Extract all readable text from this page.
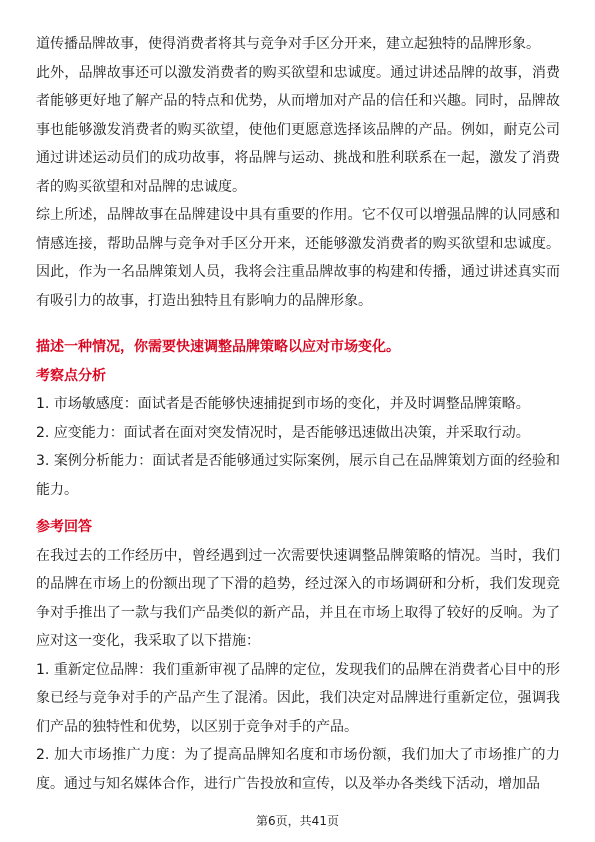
道传播品牌故事，使得消费者将其与竞争对手区分开来，建立起独特的品牌形象。

此外，品牌故事还可以激发消费者的购买欲望和忠诚度。通过讲述品牌的故事，消费者能够更好地了解产品的特点和优势，从而增加对产品的信任和兴趣。同时，品牌故事也能够激发消费者的购买欲望，使他们更愿意选择该品牌的产品。例如，耐克公司通过讲述运动员们的成功故事，将品牌与运动、挑战和胜利联系在一起，激发了消费者的购买欲望和对品牌的忠诚度。

综上所述，品牌故事在品牌建设中具有重要的作用。它不仅可以增强品牌的认同感和情感连接，帮助品牌与竞争对手区分开来，还能够激发消费者的购买欲望和忠诚度。因此，作为一名品牌策划人员，我将会注重品牌故事的构建和传播，通过讲述真实而有吸引力的故事，打造出独特且有影响力的品牌形象。

描述一种情况，你需要快速调整品牌策略以应对市场变化。

考察点分析

1. 市场敏感度：面试者是否能够快速捕捉到市场的变化，并及时调整品牌策略。

2. 应变能力：面试者在面对突发情况时，是否能够迅速做出决策，并采取行动。

3. 案例分析能力：面试者是否能够通过实际案例，展示自己在品牌策划方面的经验和能力。

参考回答

在我过去的工作经历中，曾经遇到过一次需要快速调整品牌策略的情况。当时，我们的品牌在市场上的份额出现了下滑的趋势，经过深入的市场调研和分析，我们发现竞争对手推出了一款与我们产品类似的新产品，并且在市场上取得了较好的反响。为了应对这一变化，我采取了以下措施：

1. 重新定位品牌：我们重新审视了品牌的定位，发现我们的品牌在消费者心目中的形象已经与竞争对手的产品产生了混淆。因此，我们决定对品牌进行重新定位，强调我们产品的独特性和优势，以区别于竞争对手的产品。

2. 加大市场推广力度：为了提高品牌知名度和市场份额，我们加大了市场推广的力度。通过与知名媒体合作，进行广告投放和宣传，以及举办各类线下活动，增加品

第6页，共41页
